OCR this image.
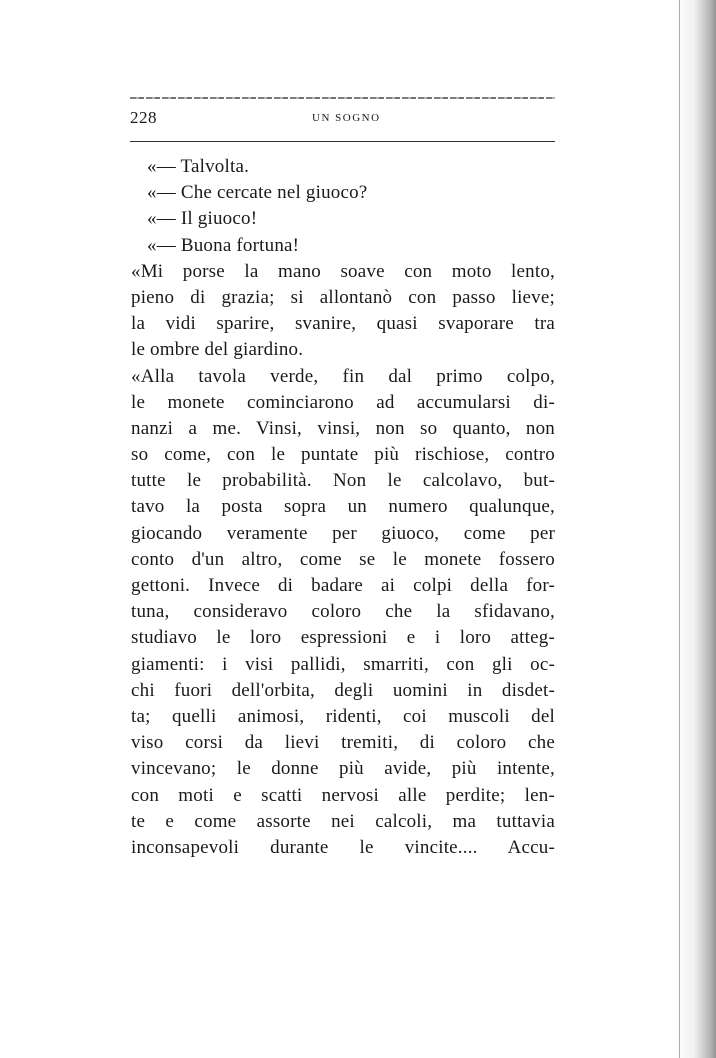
228	UN SOGNO
«— Talvolta.
«— Che cercate nel giuoco?
«— Il giuoco!
«— Buona fortuna!
«Mi porse la mano soave con moto lento,
pieno di grazia; si allontanò con passo lieve;
la vidi sparire, svanire, quasi svaporare tra
le ombre del giardino.
«Alla tavola verde, fin dal primo colpo,
le monete cominciarono ad accumularsi di-
nanzi a me. Vinsi, vinsi, non so quanto, non
so come, con le puntate più rischiose, contro
tutte le probabilità. Non le calcolavo, but-
tavo la posta sopra un numero qualunque,
giocando veramente per giuoco, come per
conto d'un altro, come se le monete fossero
gettoni. Invece di badare ai colpi della for-
tuna, consideravo coloro che la sfidavano,
studiavo le loro espressioni e i loro atteg-
giamenti: i visi pallidi, smarriti, con gli oc-
chi fuori dell'orbita, degli uomini in disdet-
ta; quelli animosi, ridenti, coi muscoli del
viso corsi da lievi tremiti, di coloro che
vincevano; le donne più avide, più intente,
con moti e scatti nervosi alle perdite; len-
te e come assorte nei calcoli, ma tuttavia
inconsapevoli durante le vincite.... Accu-
